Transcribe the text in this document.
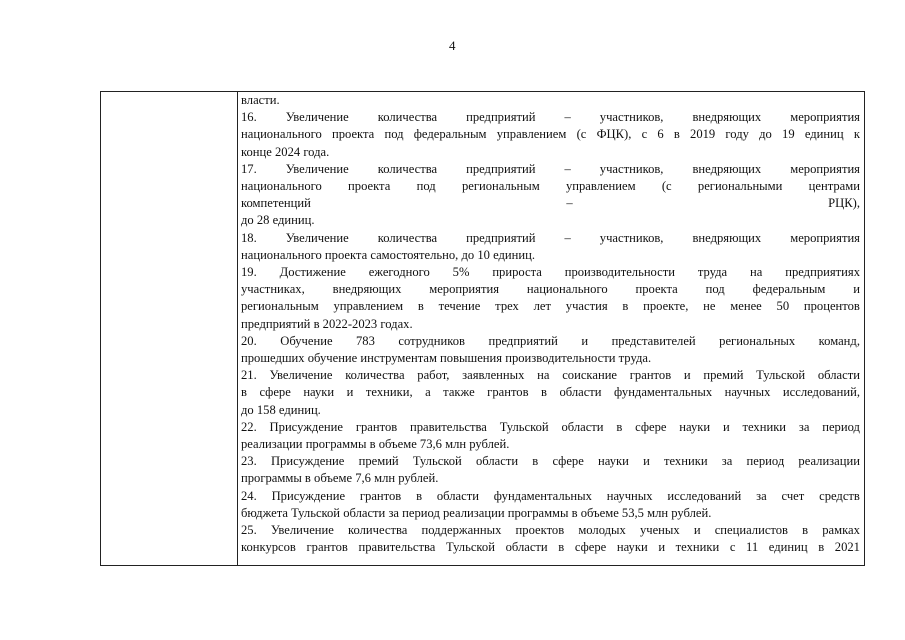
4
власти.
16. Увеличение количества предприятий – участников, внедряющих мероприятия
национального проекта под федеральным управлением (с ФЦК), с 6 в 2019 году до 19 единиц к
конце 2024 года.
17. Увеличение количества предприятий – участников, внедряющих мероприятия
национального проекта под региональным управлением (с региональными центрами
компетенций	–	РЦК),
до 28 единиц.
18. Увеличение количества предприятий – участников, внедряющих мероприятия
национального проекта самостоятельно, до 10 единиц.
19. Достижение ежегодного 5% прироста производительности труда на предприятиях
участниках, внедряющих мероприятия национального проекта под федеральным и
региональным управлением в течение трех лет участия в проекте, не менее 50 процентов
предприятий в 2022-2023 годах.
20. Обучение 783 сотрудников предприятий и представителей региональных команд,
прошедших обучение инструментам повышения производительности труда.
21. Увеличение количества работ, заявленных на соискание грантов и премий Тульской области
в сфере науки и техники, а также грантов в области фундаментальных научных исследований,
до 158 единиц.
22. Присуждение грантов правительства Тульской области в сфере науки и техники за период
реализации программы в объеме 73,6 млн рублей.
23. Присуждение премий Тульской области в сфере науки и техники за период реализации
программы в объеме 7,6 млн рублей.
24. Присуждение грантов в области фундаментальных научных исследований за счет средств
бюджета Тульской области за период реализации программы в объеме 53,5 млн рублей.
25. Увеличение количества поддержанных проектов молодых ученых и специалистов в рамках
конкурсов грантов правительства Тульской области в сфере науки и техники с 11 единиц в 2021
